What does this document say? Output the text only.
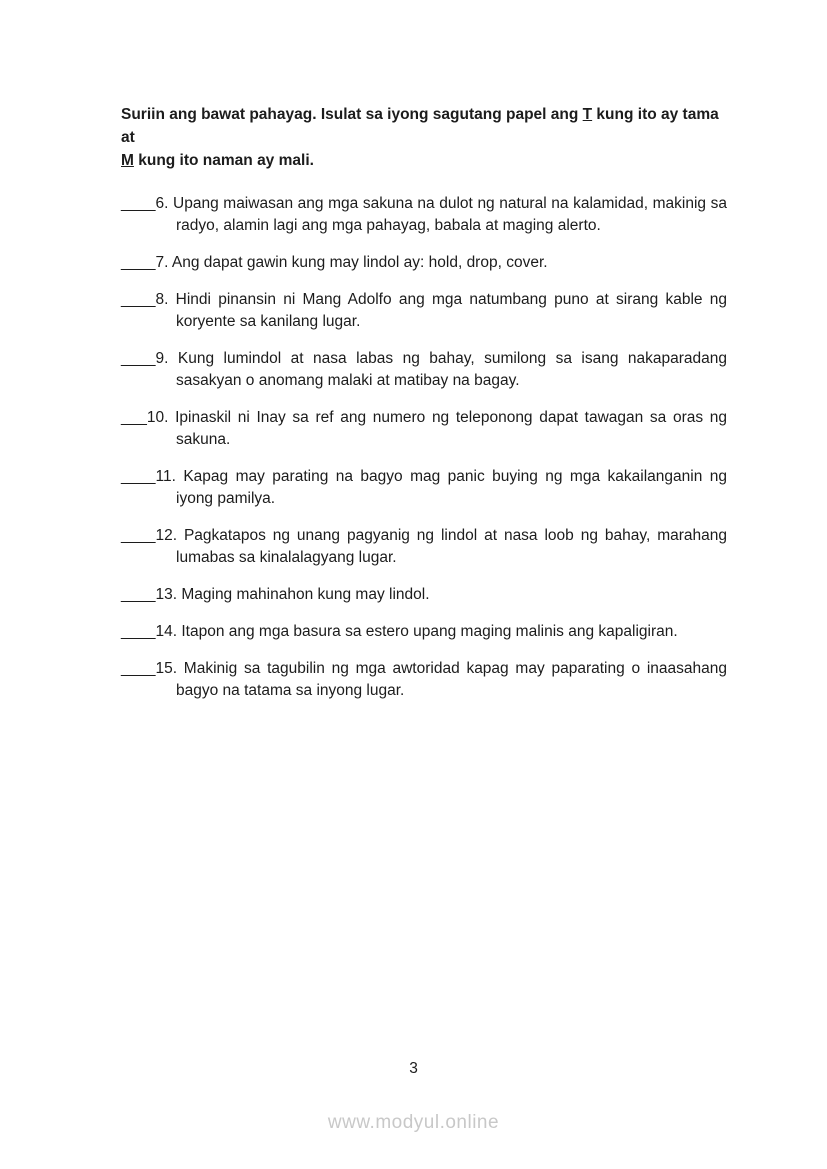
Suriin ang bawat pahayag. Isulat sa iyong sagutang papel ang T kung ito ay tama at
M kung ito naman ay mali.

____6. Upang maiwasan ang mga sakuna na dulot ng natural na kalamidad, makinig sa radyo, alamin lagi ang mga pahayag, babala at maging alerto.

____7. Ang dapat gawin kung may lindol ay: hold, drop, cover.

____8. Hindi pinansin ni Mang Adolfo ang mga natumbang puno at sirang kable ng koryente sa kanilang lugar.

____9. Kung lumindol at nasa labas ng bahay, sumilong sa isang nakaparadang sasakyan o anomang malaki at matibay na bagay.

___10. Ipinaskil ni Inay sa ref ang numero ng teleponong dapat tawagan sa oras ng sakuna.

____11. Kapag may parating na bagyo mag panic buying ng mga kakailanganin ng iyong pamilya.

____12. Pagkatapos ng unang pagyanig ng lindol at nasa loob ng bahay, marahang lumabas sa kinalalagyang lugar.

____13. Maging mahinahon kung may lindol.

____14. Itapon ang mga basura sa estero upang maging malinis ang kapaligiran.

____15. Makinig sa tagubilin ng mga awtoridad kapag may paparating o inaasahang bagyo na tatama sa inyong lugar.

3
www.modyul.online
